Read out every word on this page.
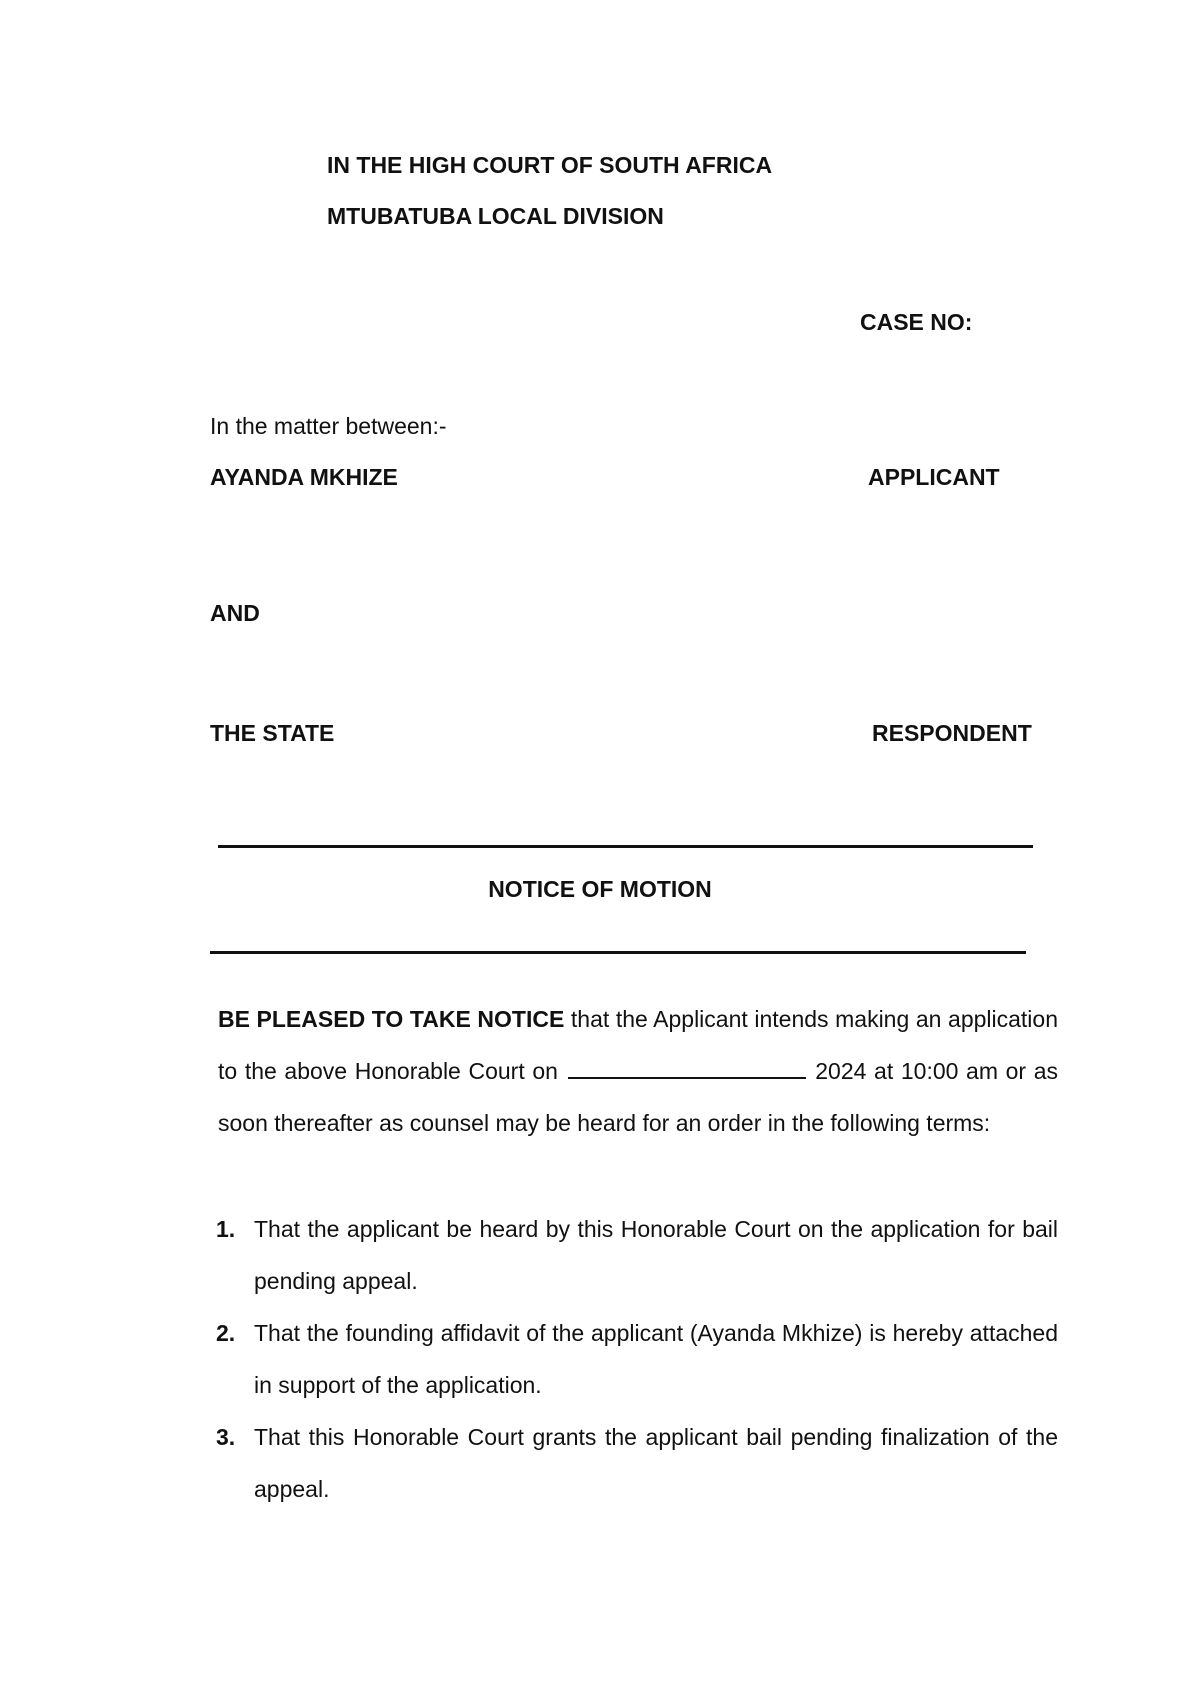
IN THE HIGH COURT OF SOUTH AFRICA
MTUBATUBA LOCAL DIVISION
CASE NO:
In the matter between:-
AYANDA MKHIZE	APPLICANT
AND
THE STATE	RESPONDENT
NOTICE OF MOTION
BE PLEASED TO TAKE NOTICE that the Applicant intends making an application to the above Honorable Court on	2024 at 10:00 am or as soon thereafter as counsel may be heard for an order in the following terms:
1. That the applicant be heard by this Honorable Court on the application for bail pending appeal.
2. That the founding affidavit of the applicant (Ayanda Mkhize) is hereby attached in support of the application.
3. That this Honorable Court grants the applicant bail pending finalization of the appeal.
